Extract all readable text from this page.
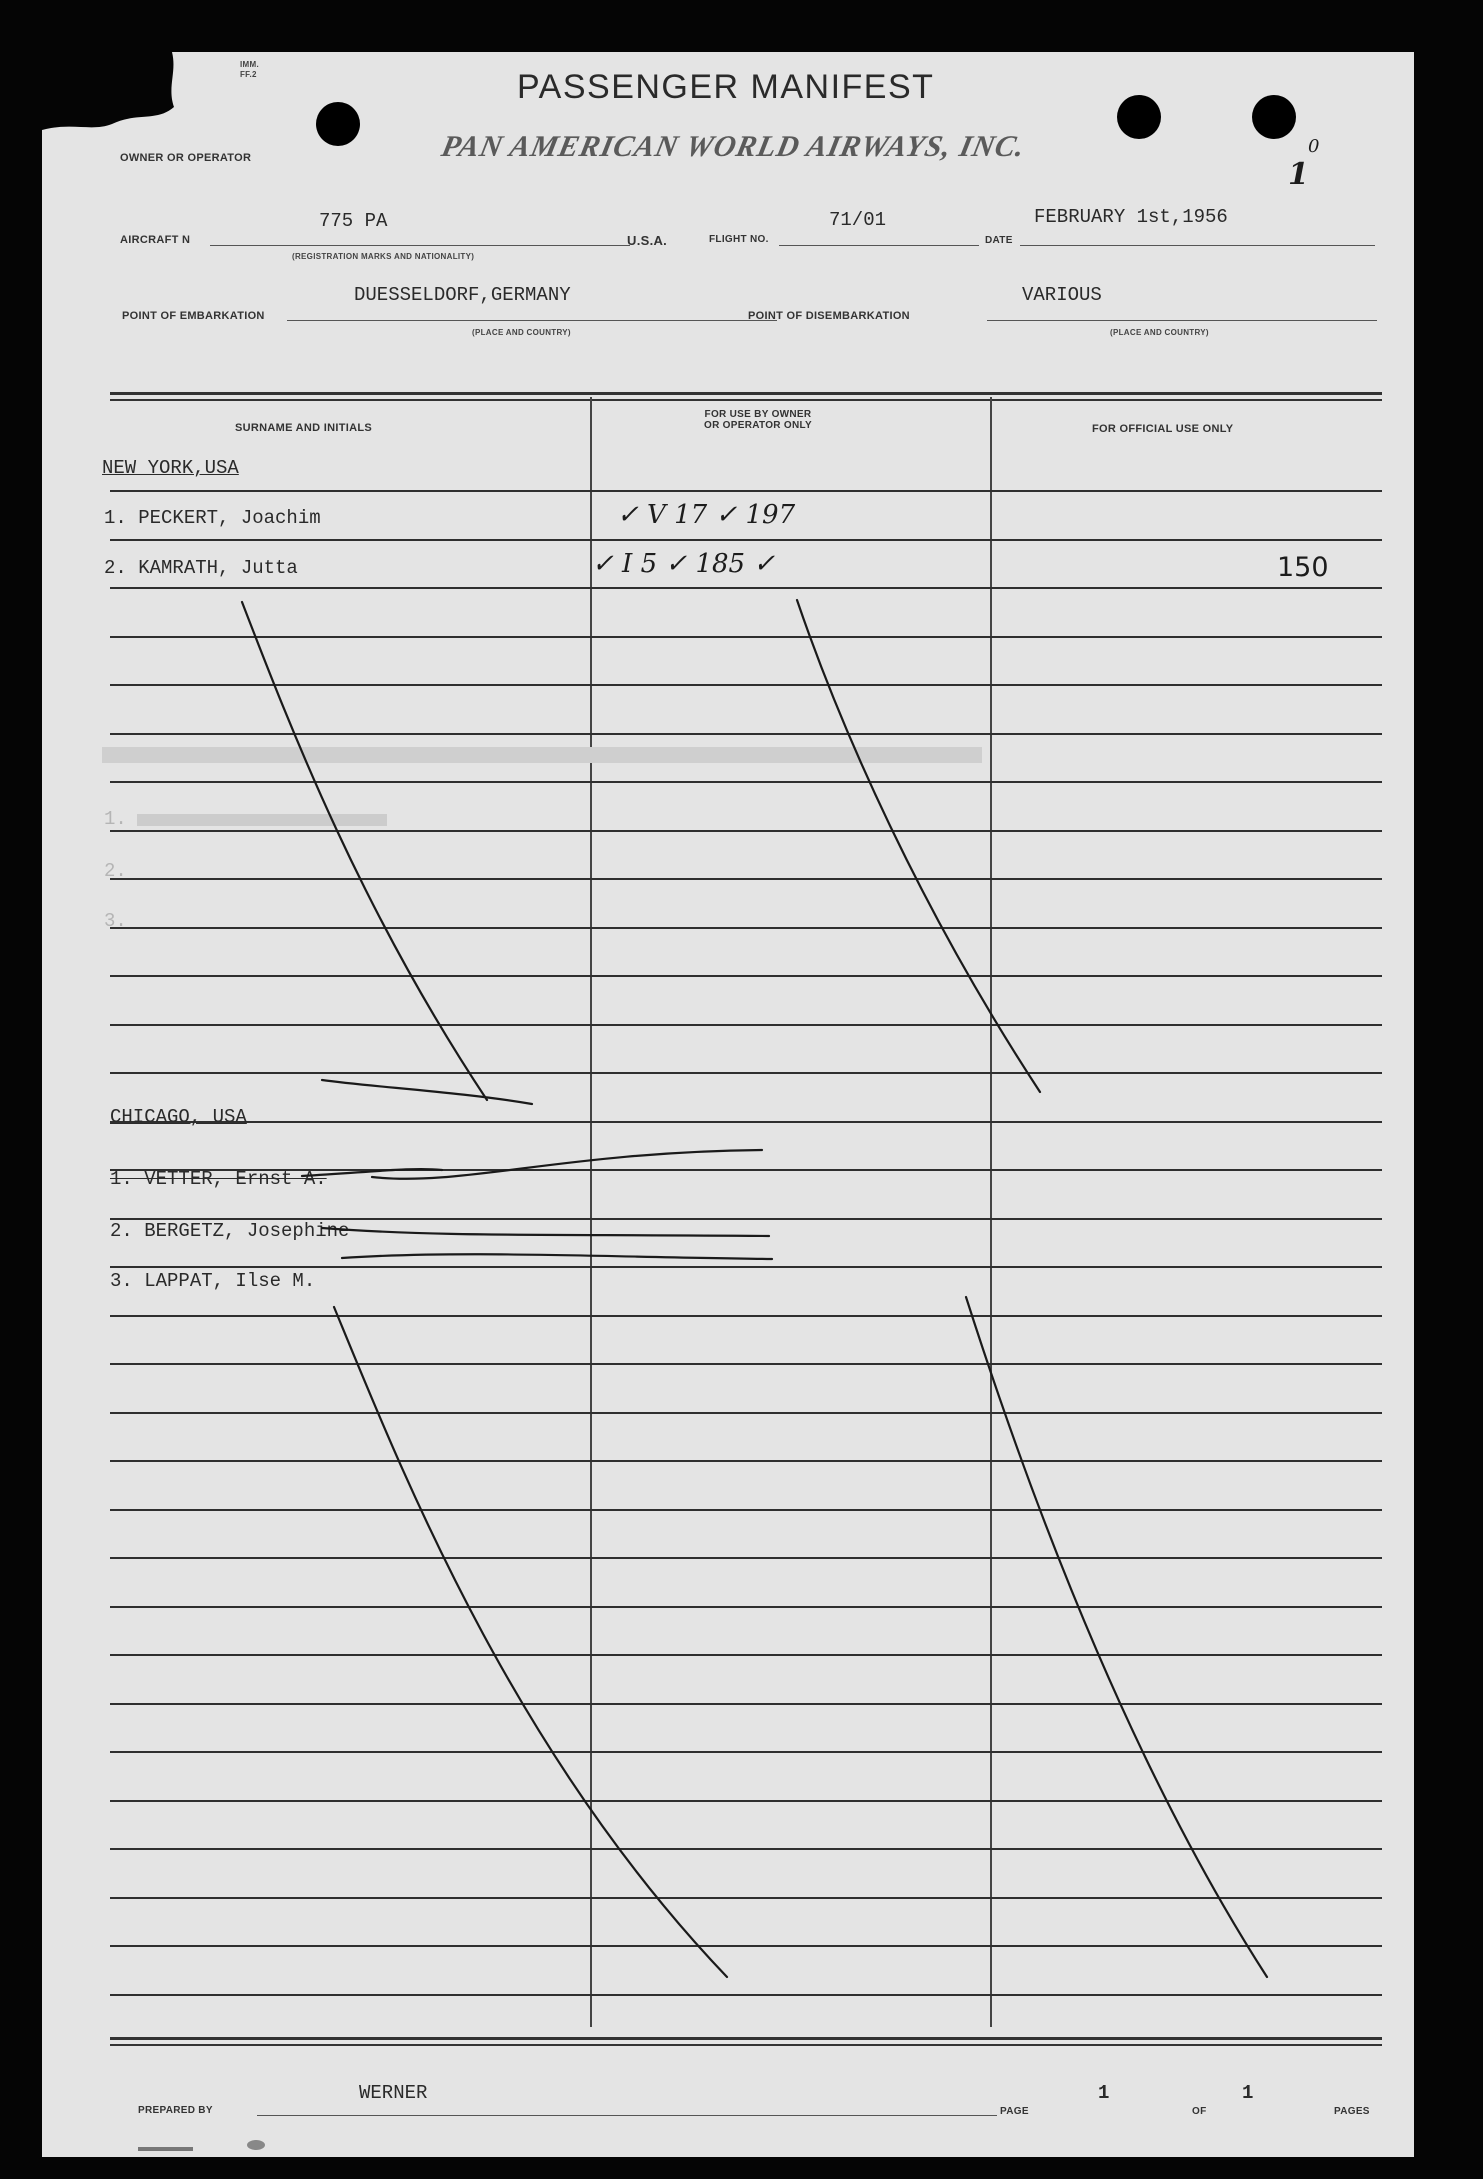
IMM.
FF.2
OWNER OR OPERATOR
PASSENGER MANIFEST
PAN AMERICAN WORLD AIRWAYS, INC.	0
1
AIRCRAFT N
775 PA
(REGISTRATION MARKS AND NATIONALITY)
U.S.A.	FLIGHT NO.
71/01
DATE
FEBRUARY 1st,1956
POINT OF EMBARKATION
DUESSELDORF,GERMANY
(PLACE AND COUNTRY)
POINT OF DISEMBARKATION
VARIOUS
(PLACE AND COUNTRY)
SURNAME AND INITIALS
FOR USE BY OWNER
OR OPERATOR ONLY	FOR OFFICIAL USE ONLY
NEW YORK,USA
1. PECKERT, Joachim	✓ V 17 ✓ 197
2. KAMRATH, Jutta	✓ I 5 ✓ 185 ✓	150
1.
2.
3.
CHICAGO, USA
1. VETTER, Ernst A.
2. BERGETZ, Josephine
3. LAPPAT, Ilse M.
PREPARED BY
WERNER
PAGE
1
OF
1
PAGES
